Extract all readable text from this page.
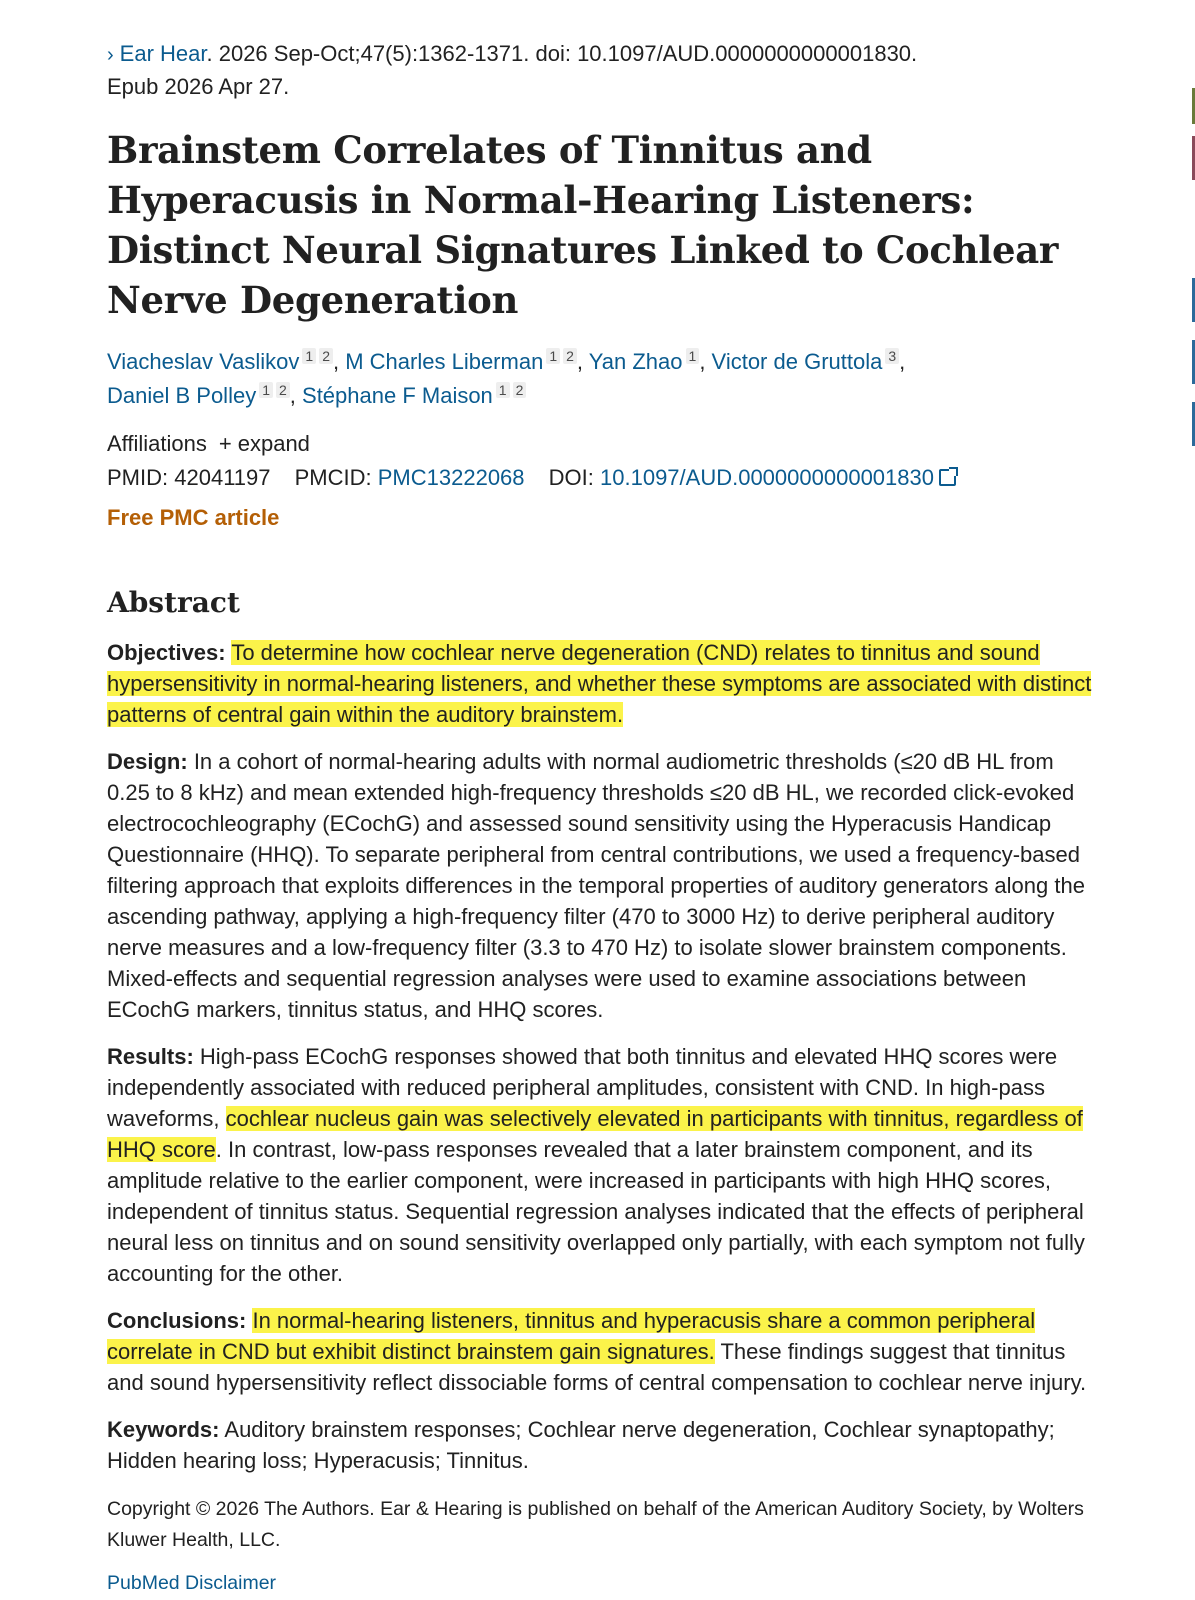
› Ear Hear. 2026 Sep-Oct;47(5):1362-1371. doi: 10.1097/AUD.0000000000001830.
Epub 2026 Apr 27.
Brainstem Correlates of Tinnitus and Hyperacusis in Normal-Hearing Listeners: Distinct Neural Signatures Linked to Cochlear Nerve Degeneration
Viacheslav Vaslikov $^1$ $^2$ , M Charles Liberman $^1$ $^2$ , Yan Zhao $^1$ , Victor de Gruttola $^3$ ,
Daniel B Polley $^1$ $^2$ , Stéphane F Maison $^1$ $^2$
Affiliations + expand
PMID: 42041197 PMCID: PMC13222068 DOI: 10.1097/AUD.0000000000001830
Free PMC article
Abstract
Objectives: To determine how cochlear nerve degeneration (CND) relates to tinnitus and sound hypersensitivity in normal-hearing listeners, and whether these symptoms are associated with distinct patterns of central gain within the auditory brainstem.
Design: In a cohort of normal-hearing adults with normal audiometric thresholds (≤20 dB HL from 0.25 to 8 kHz) and mean extended high-frequency thresholds ≤20 dB HL, we recorded click-evoked electrocochleography (ECochG) and assessed sound sensitivity using the Hyperacusis Handicap Questionnaire (HHQ). To separate peripheral from central contributions, we used a frequency-based filtering approach that exploits differences in the temporal properties of auditory generators along the ascending pathway, applying a high-frequency filter (470 to 3000 Hz) to derive peripheral auditory nerve measures and a low-frequency filter (3.3 to 470 Hz) to isolate slower brainstem components. Mixed-effects and sequential regression analyses were used to examine associations between ECochG markers, tinnitus status, and HHQ scores.
Results: High-pass ECochG responses showed that both tinnitus and elevated HHQ scores were independently associated with reduced peripheral amplitudes, consistent with CND. In high-pass waveforms, cochlear nucleus gain was selectively elevated in participants with tinnitus, regardless of HHQ score. In contrast, low-pass responses revealed that a later brainstem component, and its amplitude relative to the earlier component, were increased in participants with high HHQ scores, independent of tinnitus status. Sequential regression analyses indicated that the effects of peripheral neural less on tinnitus and on sound sensitivity overlapped only partially, with each symptom not fully accounting for the other.
Conclusions: In normal-hearing listeners, tinnitus and hyperacusis share a common peripheral correlate in CND but exhibit distinct brainstem gain signatures. These findings suggest that tinnitus and sound hypersensitivity reflect dissociable forms of central compensation to cochlear nerve injury.
Keywords: Auditory brainstem responses; Cochlear nerve degeneration, Cochlear synaptopathy; Hidden hearing loss; Hyperacusis; Tinnitus.
Copyright © 2026 The Authors. Ear & Hearing is published on behalf of the American Auditory Society, by Wolters Kluwer Health, LLC.
PubMed Disclaimer
